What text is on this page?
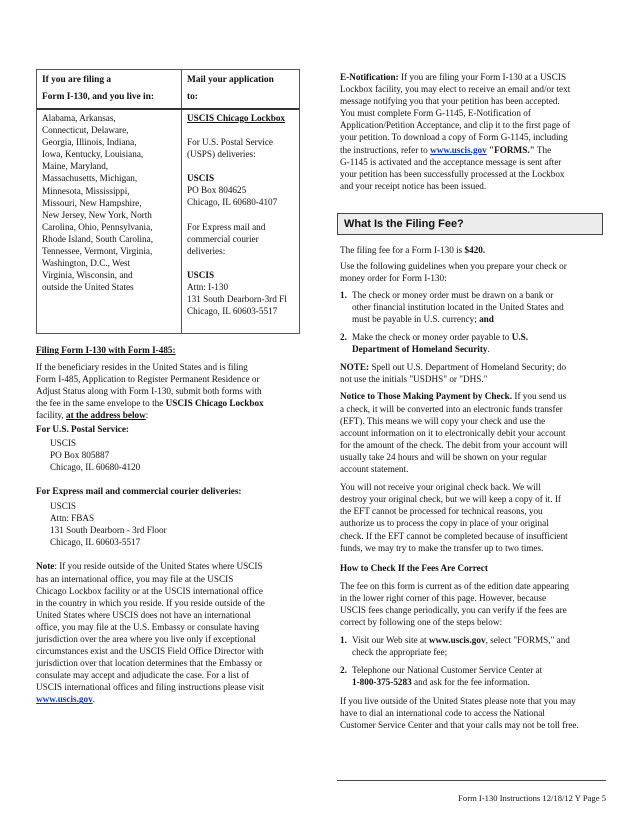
If you are filing a
Form I-130, and you live in:
Mail your application
to:
Alabama, Arkansas,
Connecticut, Delaware,
Georgia, Illinois, Indiana,
Iowa, Kentucky, Louisiana,
Maine, Maryland,
Massachusetts, Michigan,
Minnesota, Mississippi,
Missouri, New Hampshire,
New Jersey, New York, North
Carolina, Ohio, Pennsylvania,
Rhode Island, South Carolina,
Tennessee, Vermont, Virginia,
Washington, D.C., West
Virginia, Wisconsin, and
outside the United States
USCIS Chicago Lockbox
For U.S. Postal Service
(USPS) deliveries:
USCIS
PO Box 804625
Chicago, IL 60680-4107
For Express mail and
commercial courier
deliveries:
USCIS
Attn: I-130
131 South Dearborn-3rd Fl
Chicago, IL 60603-5517
Filing Form I-130 with Form I-485:
If the beneficiary resides in the United States and is filing
Form I-485, Application to Register Permanent Residence or
Adjust Status along with Form I-130, submit both forms with
the fee in the same envelope to the USCIS Chicago Lockbox
facility, at the address below:
For U.S. Postal Service:
USCIS
PO Box 805887
Chicago, IL 60680-4120
For Express mail and commercial courier deliveries:
USCIS
Attn: FBAS
131 South Dearborn - 3rd Floor
Chicago, IL 60603-5517
Note: If you reside outside of the United States where USCIS
has an international office, you may file at the USCIS
Chicago Lockbox facility or at the USCIS international office
in the country in which you reside. If you reside outside of the
United States where USCIS does not have an international
office, you may file at the U.S. Embassy or consulate having
jurisdiction over the area where you live only if exceptional
circumstances exist and the USCIS Field Office Director with
jurisdiction over that location determines that the Embassy or
consulate may accept and adjudicate the case. For a list of
USCIS international offices and filing instructions please visit
www.uscis.gov.
E-Notification: If you are filing your Form I-130 at a USCIS
Lockbox facility, you may elect to receive an email and/or text
message notifying you that your petition has been accepted.
You must complete Form G-1145, E-Notification of
Application/Petition Acceptance, and clip it to the first page of
your petition. To download a copy of Form G-1145, including
the instructions, refer to www.uscis.gov "FORMS." The
G-1145 is activated and the acceptance message is sent after
your petition has been successfully processed at the Lockbox
and your receipt notice has been issued.
What Is the Filing Fee?
The filing fee for a Form I-130 is $420.
Use the following guidelines when you prepare your check or
money order for Form I-130:
1. The check or money order must be drawn on a bank or
other financial institution located in the United States and
must be payable in U.S. currency; and
2. Make the check or money order payable to U.S.
Department of Homeland Security.
NOTE: Spell out U.S. Department of Homeland Security; do
not use the initials "USDHS" or "DHS."
Notice to Those Making Payment by Check. If you send us
a check, it will be converted into an electronic funds transfer
(EFT). This means we will copy your check and use the
account information on it to electronically debit your account
for the amount of the check. The debit from your account will
usually take 24 hours and will be shown on your regular
account statement.
You will not receive your original check back. We will
destroy your original check, but we will keep a copy of it. If
the EFT cannot be processed for technical reasons, you
authorize us to process the copy in place of your original
check. If the EFT cannot be completed because of insufficient
funds, we may try to make the transfer up to two times.
How to Check If the Fees Are Correct
The fee on this form is current as of the edition date appearing
in the lower right corner of this page. However, because
USCIS fees change periodically, you can verify if the fees are
correct by following one of the steps below:
1. Visit our Web site at www.uscis.gov, select "FORMS," and
check the appropriate fee;
2. Telephone our National Customer Service Center at
1-800-375-5283 and ask for the fee information.
If you live outside of the United States please note that you may
have to dial an international code to access the National
Customer Service Center and that your calls may not be toll free.
Form I-130 Instructions 12/18/12 Y Page 5
